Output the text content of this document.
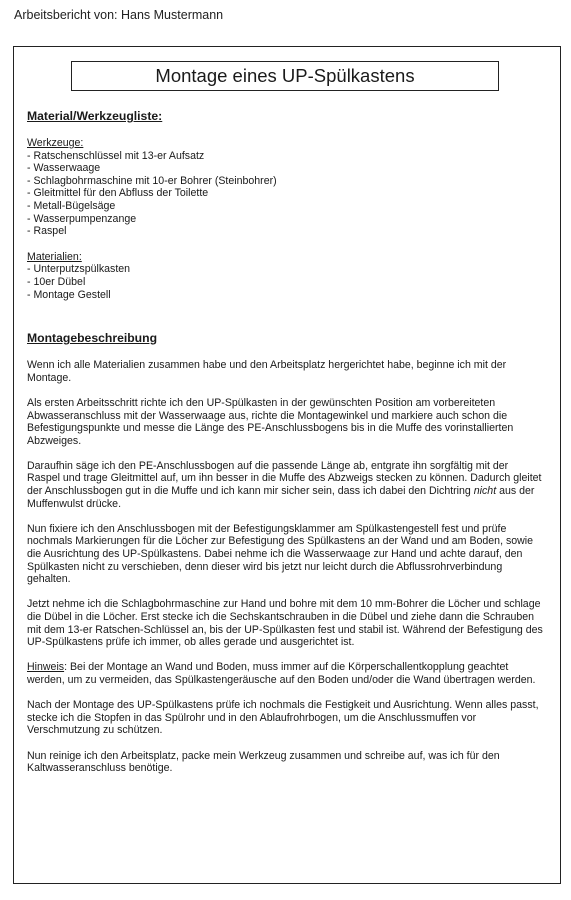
Arbeitsbericht von: Hans Mustermann
Montage eines UP-Spülkastens
Material/Werkzeugliste:
Werkzeuge:
- Ratschenschlüssel mit 13-er Aufsatz
- Wasserwaage
- Schlagbohrmaschine mit 10-er Bohrer (Steinbohrer)
- Gleitmittel für den Abfluss der Toilette
- Metall-Bügelsäge
- Wasserpumpenzange
- Raspel
Materialien:
- Unterputzspülkasten
- 10er Dübel
- Montage Gestell
Montagebeschreibung

Wenn ich alle Materialien zusammen habe und den Arbeitsplatz hergerichtet habe, beginne ich mit der Montage.

Als ersten Arbeitsschritt richte ich den UP-Spülkasten in der gewünschten Position am vorbereiteten Abwasseranschluss mit der Wasserwaage aus, richte die Montagewinkel und markiere auch schon die Befestigungspunkte und messe die Länge des PE-Anschlussbogens bis in die Muffe des vorinstallierten Abzweiges.

Daraufhin säge ich den PE-Anschlussbogen auf die passende Länge ab, entgrate ihn sorgfältig mit der Raspel und trage Gleitmittel auf, um ihn besser in die Muffe des Abzweigs stecken zu können. Dadurch gleitet der Anschlussbogen gut in die Muffe und ich kann mir sicher sein, dass ich dabei den Dichtring nicht aus der Muffenwulst drücke.

Nun fixiere ich den Anschlussbogen mit der Befestigungsklammer am Spülkastengestell fest und prüfe nochmals Markierungen für die Löcher zur Befestigung des Spülkastens an der Wand und am Boden, sowie die Ausrichtung des UP-Spülkastens. Dabei nehme ich die Wasserwaage zur Hand und achte darauf, den Spülkasten nicht zu verschieben, denn dieser wird bis jetzt nur leicht durch die Abflussrohrverbindung gehalten.

Jetzt nehme ich die Schlagbohrmaschine zur Hand und bohre mit dem 10 mm-Bohrer die Löcher und schlage die Dübel in die Löcher. Erst stecke ich die Sechskantschrauben in die Dübel und ziehe dann die Schrauben mit dem 13-er Ratschen-Schlüssel an, bis der UP-Spülkasten fest und stabil ist. Während der Befestigung des UP-Spülkastens prüfe ich immer, ob alles gerade und ausgerichtet ist.

Hinweis: Bei der Montage an Wand und Boden, muss immer auf die Körperschallentkopplung geachtet werden, um zu vermeiden, das Spülkastengeräusche auf den Boden und/oder die Wand übertragen werden.

Nach der Montage des UP-Spülkastens prüfe ich nochmals die Festigkeit und Ausrichtung. Wenn alles passt, stecke ich die Stopfen in das Spülrohr und in den Ablaufrohrbogen, um die Anschlussmuffen vor Verschmutzung zu schützen.

Nun reinige ich den Arbeitsplatz, packe mein Werkzeug zusammen und schreibe auf, was ich für den Kaltwasseranschluss benötige.
